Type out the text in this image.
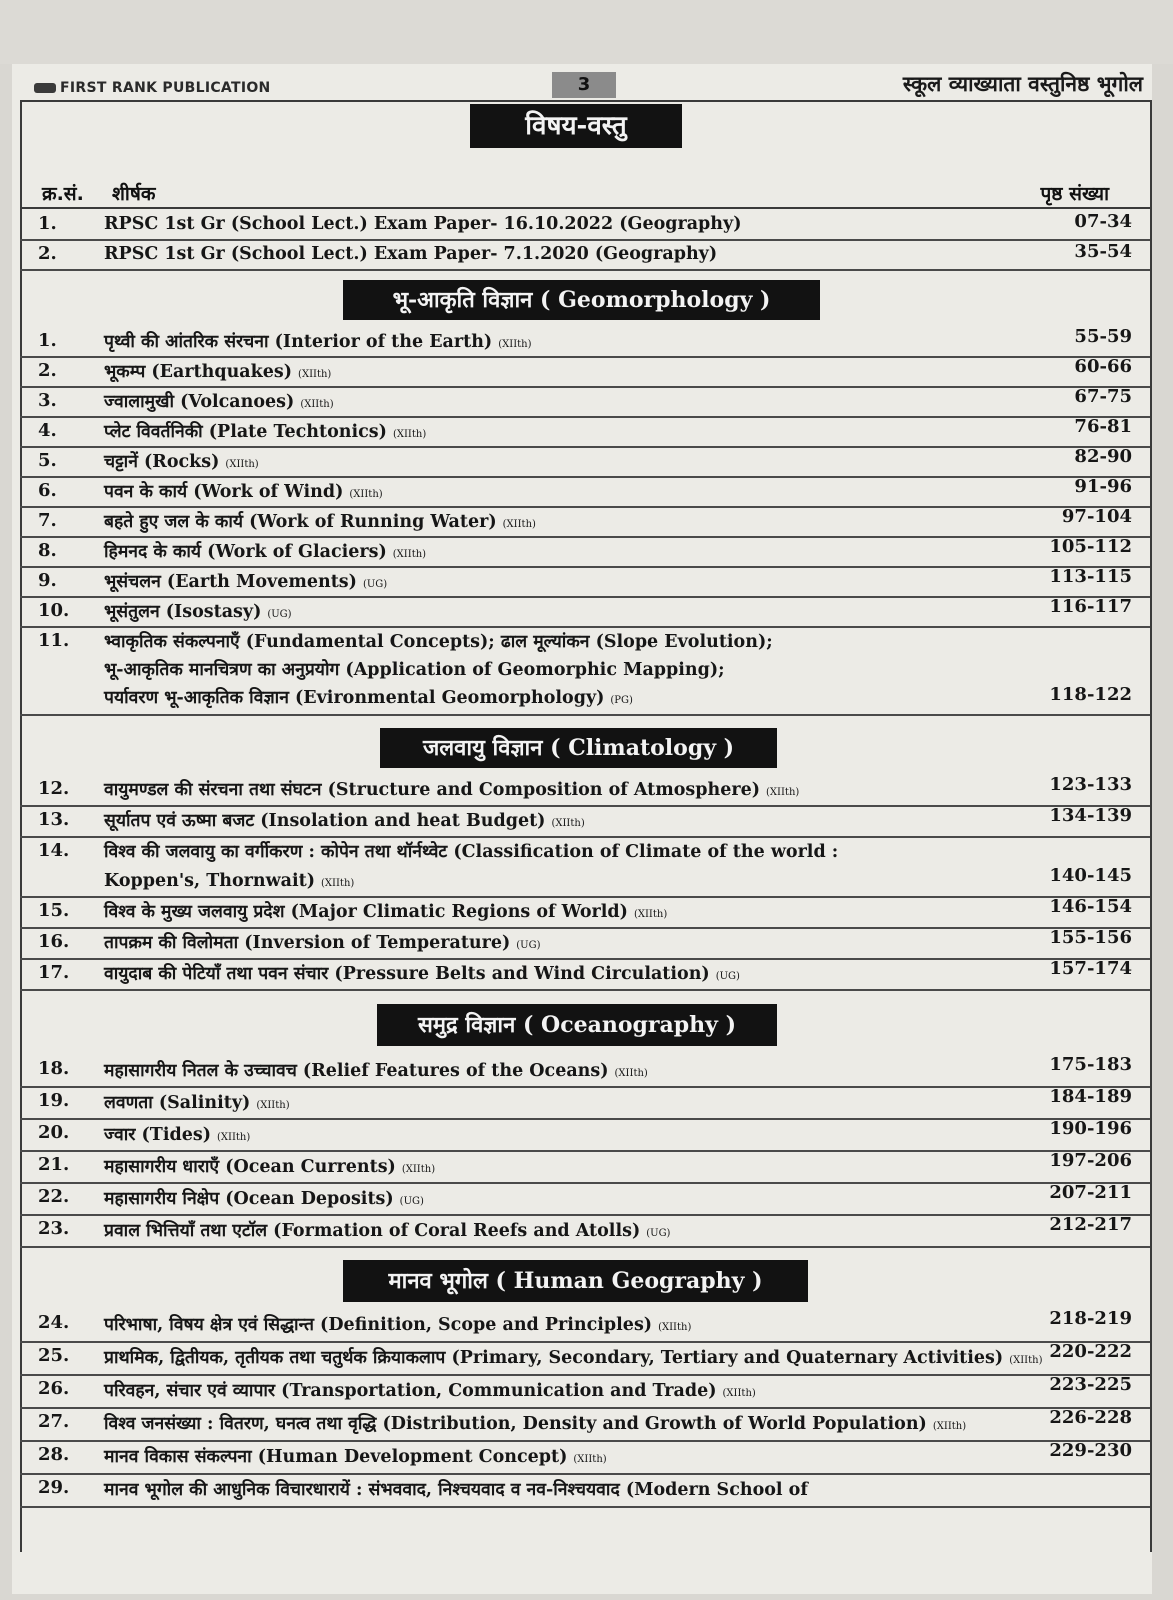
FIRST RANK PUBLICATION	3	स्कूल व्याख्याता वस्तुनिष्ठ भूगोल
विषय-वस्तु
क्र.सं. शीर्षक	पृष्ठ संख्या
1.	RPSC 1st Gr (School Lect.) Exam Paper- 16.10.2022 (Geography)	07-34
2.	RPSC 1st Gr (School Lect.) Exam Paper- 7.1.2020 (Geography)	35-54
भू-आकृति विज्ञान ( Geomorphology )
1.	पृथ्वी की आंतरिक संरचना (Interior of the Earth) (XIIth)	55-59
2.	भूकम्प (Earthquakes) (XIIth)	60-66
3.	ज्वालामुखी (Volcanoes) (XIIth)	67-75
4.	प्लेट विवर्तनिकी (Plate Techtonics) (XIIth)	76-81
5.	चट्टानें (Rocks) (XIIth)	82-90
6.	पवन के कार्य (Work of Wind) (XIIth)	91-96
7.	बहते हुए जल के कार्य (Work of Running Water) (XIIth)	97-104
8.	हिमनद के कार्य (Work of Glaciers) (XIIth)	105-112
9.	भूसंचलन (Earth Movements) (UG)	113-115
10. भूसंतुलन (Isostasy) (UG)	116-117
11. भ्वाकृतिक संकल्पनाएँ (Fundamental Concepts); ढाल मूल्यांकन (Slope Evolution);
भू-आकृतिक मानचित्रण का अनुप्रयोग (Application of Geomorphic Mapping);
पर्यावरण भू-आकृतिक विज्ञान (Evironmental Geomorphology) (PG)	118-122
जलवायु विज्ञान ( Climatology )
12. वायुमण्डल की संरचना तथा संघटन (Structure and Composition of Atmosphere) (XIIth)	123-133
13. सूर्यातप एवं ऊष्मा बजट (Insolation and heat Budget) (XIIth)	134-139
14. विश्व की जलवायु का वर्गीकरण : कोपेन तथा थॉर्नथ्वेट (Classification of Climate of the world :
Koppen's, Thornwait) (XIIth)	140-145
15. विश्व के मुख्य जलवायु प्रदेश (Major Climatic Regions of World) (XIIth)	146-154
16. तापक्रम की विलोमता (Inversion of Temperature) (UG)	155-156
17. वायुदाब की पेटियाँ तथा पवन संचार (Pressure Belts and Wind Circulation) (UG)	157-174
समुद्र विज्ञान ( Oceanography )
18. महासागरीय नितल के उच्चावच (Relief Features of the Oceans) (XIIth)	175-183
19. लवणता (Salinity) (XIIth)	184-189
20. ज्वार (Tides) (XIIth)	190-196
21. महासागरीय धाराएँ (Ocean Currents) (XIIth)	197-206
22. महासागरीय निक्षेप (Ocean Deposits) (UG)	207-211
23. प्रवाल भित्तियाँ तथा एटॉल (Formation of Coral Reefs and Atolls) (UG)	212-217
मानव भूगोल ( Human Geography )
24. परिभाषा, विषय क्षेत्र एवं सिद्धान्त (Definition, Scope and Principles) (XIIth)	218-219
25. प्राथमिक, द्वितीयक, तृतीयक तथा चतुर्थक क्रियाकलाप (Primary, Secondary, Tertiary and Quaternary Activities) (XIIth) 220-222
26. परिवहन, संचार एवं व्यापार (Transportation, Communication and Trade) (XIIth)	223-225
27. विश्व जनसंख्या : वितरण, घनत्व तथा वृद्धि (Distribution, Density and Growth of World Population) (XIIth)	226-228
28. मानव विकास संकल्पना (Human Development Concept) (XIIth)	229-230
29. मानव भूगोल की आधुनिक विचारधारायें : संभववाद, निश्चयवाद व नव-निश्चयवाद (Modern School of
